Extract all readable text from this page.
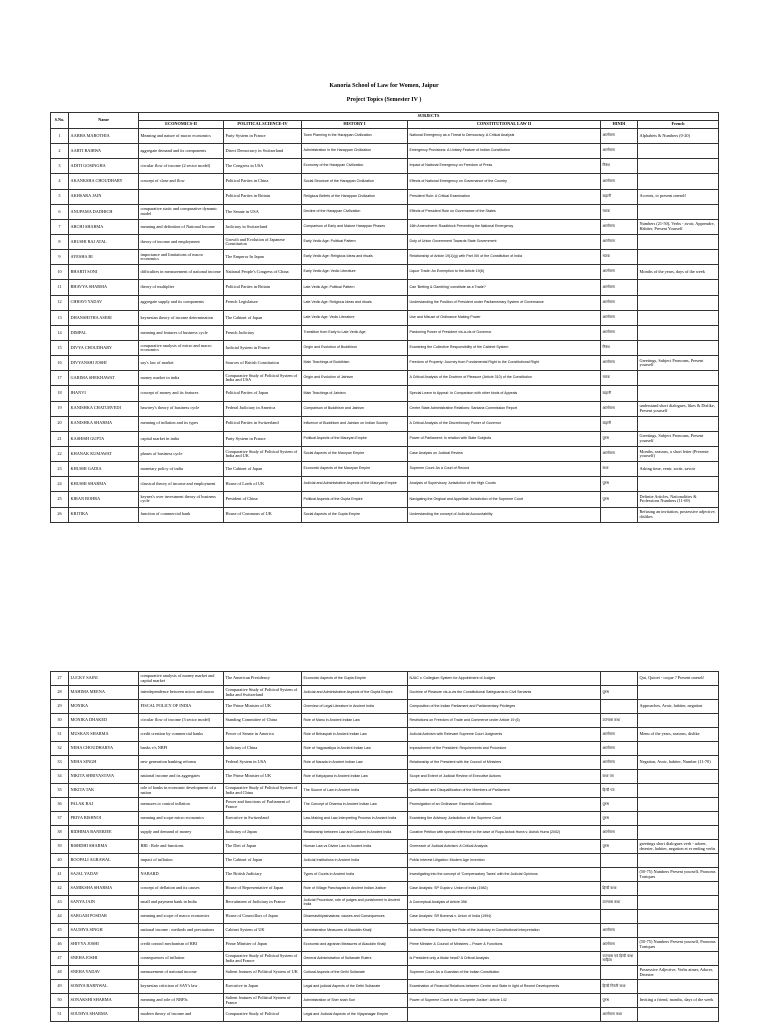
Kanoria School of Law for Women, Jaipur
Project Topics (Semester IV )
S.No.	Name	SUBJECTS					
		ECONOMICS-II	POLITICAL SCIENCE-IV	HISTORY I	CONSTITUTIONAL LAW II	HINDI	French
1	AABHA MAROTHIA	Meaning and nature of macro economics	Party System in France	Town Planning in the Harappan Civilization	National Emergency as a Threat to Democracy: A Critical Analysis	आलोचना	Alphabets & Numbers (0-20)
2	AARTI BAIRWA	aggregate demand and its components	Direct Democracy in Switzerland	Administration in the Harappan Civilization	Emergency Provisions: A Unitary Feature of Indian Constitution	आलोचना	
3	ADITI GOSINGHA	circular flow of income (2 sector model)	The Congress in USA	Economy of the Harappan Civilization	Impact of National Emergency on Freedom of Press	निबंध	
4	AKANKSHA CHOUDHARY	concept of close and flow	Political Parties in China	Social Structure of the Harappan Civilization	Effects of National Emergency on Governance of the Country	आलोचना	
5	AKHSARA JAIN		Political Parties in Britain	Religious Beliefs of the Harappan Civilization	President Rule: A Critical Examination	कहानी	Accents, to present oneself
6	ANUPAMA DADHICH	comparative static and comparative dynamic model	The Senate in USA	Decline of the Harappan Civilization	Effects of President Rule on Governance of the States	नाटक	
7	ARCHI SHARMA	meaning and definition of National Income	Judiciary in Switzerland	Comparison of Early and Mature Harappan Phases	16th Amendment: Roadblock Preventing the National Emergency	आलोचना	Numbers (21-50), Verbs - avoir, Appreudre, Habiter, Present Yourself
8	ARUSHI RAJ ATAL	theory of income and employment	Growth and Evolution of Japanese Constitution	Early Vedic Age: Political Pattern	Duty of Union Government Towards State Government	आलोचना	
9	AYESHA BI	importance and limitations of macro economics	The Emperor In Japan	Early Vedic Age: Religious Ideas and rituals	Relationship of Article 19(1)(g) with Part XIII of the Constitution of India	नाटक	
10	BHARTI SONI	difficulties in measurement of national income	National People's Congress of China	Early Vedic Age: Vedic Literature	Liquor Trade: An Exemption to the Article 19(6)	आलोचना	Months of the years, days of the week
11	BHAVYA SHARMA	theory of multiplier	Political Parties in Britain	Late Vedic Age: Political Pattern	Can 'Betting & Gambling' constitute as a Trade?	आलोचना	
12	CHHAVI YADAV	aggregate supply and its components	French Legislature	Late Vedic Age: Religious Ideas and rituals	Understanding the Position of President under Parliamentary System of Governance	आलोचना	
13	DHANSHITHA ASERI	keynesian theory of income determination	The Cabinet of Japan	Late Vedic Age: Vedic Literature	Use and Misuse of Ordinance Making Power	आलोचना	
14	DIMPAL	meaning and features of business cycle	French Judiciary	Transition from Early to Late Vedic Age	Pardoning Power of President vis-a-vis of Governor	आलोचना	
15	DIVYA CHOUDHARY	comparative analysis of micro and macro economics	Judicial System in France	Origin and Evolution of Buddhism	Examining the Collective Responsibility of the Cabinet System	निबंध	
16	DIVYANSHI JOSHI	say's law of market	Sources of British Constitution	Main Teachings of Buddhism	Freedom of Property: Journey from Fundamental Right to the Constitutional Right	आलोचना	Greetings, Subject Pronouns, Present yourself
17	GARIMA SHEKHAWAT	money market in india	Comparative Study of Political System of India and USA	Origin and Evolution of Jainism	A Critical Analysis of the Doctrine of Pleasure (Article 310) of the Constitution	नाटक	
18	IHANVI	concept of money and its features	Political Parties of Japan	Main Teachings of Jainism	Special Leave to Appeal: In Comparison with other kinds of Appeals	कहानी	
19	KANISHKA CHATURVEDI	hawtrey's theory of business cycle	Federal Judiciary in America	Comparison of Buddhism and Jainism	Centre State Administrative Relations: Sarkaria Commission Report	आलोचना	understand short dialogues, likes & Dislike, Present yourself
20	KANISHKA SHARMA	meaning of inflation and its types	Political Parties in Switzerland	Influence of Buddhism and Jainism on Indian Society	A Critical Analysis of the Discretionary Power of Governor	कहानी	
21	KASHISH GUPTA	capital market in india	Party System in France	Political Aspects of the Mauryan Empire	Power of Parliament: In relation with State Subjects	पुरुष	Greetings, Subject Pronouns, Present yourself
22	KHANAK KUMAWAT	phases of business cycle	Comparative Study of Political System of India and UK	Social Aspects of the Mauryan Empire	Case Analysis on Judicial Review	आलोचना	Months, seasons, a short letter (Presente yourself)
23	KHUSHI GADIA	monetary policy of india	The Cabinet of Japan	Economic Aspects of the Mauryan Empire	Supreme Court: As a Court of Record	कथा	Asking time, venir, sortir, savoir
24	KHUSHI SHARMA	classical theory of income and employment	House of Lords of UK	Judicial and Administrative Aspects of the Mauryan Empire	Analysis of Supervisory Jurisdiction of the High Courts	पुरुष	
25	KIRAN BOHRA	keynes's over investment theory of business cycle	President of China	Political Aspects of the Gupta Empire	Navigating the Original and Appellate Jurisdiction of the Supreme Court	पुरुष	Definite Articles, Nationalities & Professions Numbers (11-69)
26	KRITIKA	function of commercial bank	House of Commons of UK	Social Aspects of the Gupta Empire	Understanding the concept of Judicial Accountability		Refusing an invitation, possessive adjective, dislikes
27	LUCKY SAINI	comparative analysis of money market and capital market	The American Presidency	Economic Aspects of the Gupta Empire	NJAC v. Collegium System for Appointment of Judges		Qui, Quioet - coque ? Present oneself
28	MAHIMA MEENA	interdependence between micro and macro	Comparative Study of Political System of India and Switzerland	Judicial and Administrative Aspects of the Gupta Empire	Doctrine of Pleasure vis-à-vis the Constitutional Safeguards to Civil Servants	पुरुष	
29	MONIKA	FISCAL POLICY OF INDIA	The Prime Minister of UK	Overview of Legal Literature in Ancient India	Composition of the Indian Parliament and Parliamentary Privileges		Approaches, Avoir, habiter, negation
30	MONIKA DHAKED	circular flow of income (3 sector model)	Standing Committee of China	Role of Manu in Ancient Indian Law	Restrictions on Freedom of Trade and Commerce under Article 19 (6)	उपन्यास कथा	
31	MUSKAN SHARMA	credit creation by commercial banks	Power of Senate in America	Role of Brihaspati in Ancient Indian Law	Judicial Activism with Relevant Supreme Court Judgments	आलोचना	Menu of the years, seasons, dislike
32	NEHA CHOUDHARYA	banks v/s NBFI	Judiciary of China	Role of Yagyavalkya in Ancient Indian Law	Impeachment of the President: Requirements and Procedure	आलोचना	
33	NEHA SINGH	new generation banking reforms	Federal System in USA	Role of Narada in Ancient Indian Law	Relationship of the President with the Council of Ministers	आलोचना	Negation, Avoir, habiter, Number (11-70)
34	NIKITA SHRIVASTAVA	national income and its aggregates	The Prime Minister of UK	Role of Katyayana in Ancient Indian Law	Scope and Extent of Judicial Review of Executive Actions	कथा पत्र	
35	NIKITA TAK	role of banks in economic development of a nation	Comparative Study of Political System of India and China	The Source of Law in Ancient India	Qualification and Disqualification of the Members of Parliament	हिन्दी पत्र	
36	PALAK RAJ	measures to control inflation	Power and functions of Parliament of France	The Concept of Dharma in Ancient Indian Law	Promulgation of an Ordinance: Essential Conditions	पुरुष	
37	PRIYA BISHNOI	meaning and scope micro economics	Executive in Switzerland	Law-Making and Law-Interpreting Process in Ancient India	Examining the Advisory Jurisdiction of the Supreme Court	पुरुष	
38	RIDHIMA BANERJEE	supply and demand of money	Judiciary of Japan	Relationship between Law and Custom in Ancient India	Curative Petition with special reference to the case of Rupa Ashok Hurra v. Ashok Hurra (2002)	आलोचना	
39	RISHDHI SHARMA	RBI : Role and functions	The Diet of Japan	Human Law vs Divine Law in Ancient India	Overreach of Judicial Activism: A Critical Analysis	पुरुष	greetings short dialogues verb - adorer, detester, habiter, negation et er ending verbs
40	ROOPALI AGRAWAL	impact of inflation	The Cabinet of Japan	Judicial Institutions in Ancient India	Public Interest Litigation: Modern Age Invention		
41	SAJAL YADAV	NABARD	The British Judiciary	Types of Courts in Ancient India	Investigating into the concept of 'Compensatory Taxes' with the Judicial Opinions		(50-75) Numbers Present yourself, Pronoms Toniques
42	SAMIKSHA SHARMA	concept of deflation and its causes	House of Representative of Japan	Role of Village Panchayats in Ancient Indian Justice	Case Analysis: SP Gupta v. Union of India (1982)	हिन्दी कथा	
43	SANYA JAIN	small and payment bank in India	Recruitment of Judiciary in France	Judicial Procedure, role of judges and punishment in Ancient India	A Conceptual Analysis of Article 356	उपन्यास कथा	
44	SARGAM POSDAR	meaning and scope of macro economics	House of Councillors of Japan	Dharmasthiyashastras: causes and Consequences	Case Analysis: SR Bommai v. Union of India (1994)		
45	SAUMYA SINGH	national income : methods and precautions	Cabinet System of UK	Administrative Measures of Alauddin Khalji	Judicial Review: Exploring the Role of the Judiciary in Constitutional Interpretation	आलोचना	
46	SHIVYA JOSHI	credit control mechanism of RBI	Prime Minister of Japan	Economic and agrarian Measures of Alauddin Khalji	Prime Minister & Council of Ministers – Power & Functions	आलोचना	(50-75) Numbers Present yourself, Pronoms Toniques
47	SNEHA JOSHI	consequences of inflation	Comparative Study of Political System of India and France	General Administration of Sultanate Rulers	Is President only a titular head? A Critical Analysis	उपन्यास एवं हिन्दी कथा साहित्य	
48	SNEHA YADAV	measurement of national income	Salient features of Political System of UK	Cultural Aspects of the Delhi Sultanate	Supreme Court: As a Guardian of the Indian Constitution		Possessive Adjective, Verbs aimer, Adorer, Detester
49	SOMYA BARNWAL	keynesian criticism of SAY's law	Executive in Japan	Legal and judicial Aspects of the Delhi Sultanate	Examination of Financial Relations between Centre and State in light of Recent Developments	हिन्दी गिनती कथा	
50	SONAKSHI SHARMA	meaning and role of NBFIs	Salient features of Political System of France	Administration of Sher shah Suri	Power of Supreme Court to do 'Complete Justice': Article 142	पुरुष	Inviting a friend, months, days of the week
51	SOUMYA SHARMA	modern theory of income and	Comparative Study of Political	Legal and Judicial Aspects of the Vijayanagar Empire		आलोचना कथा	
